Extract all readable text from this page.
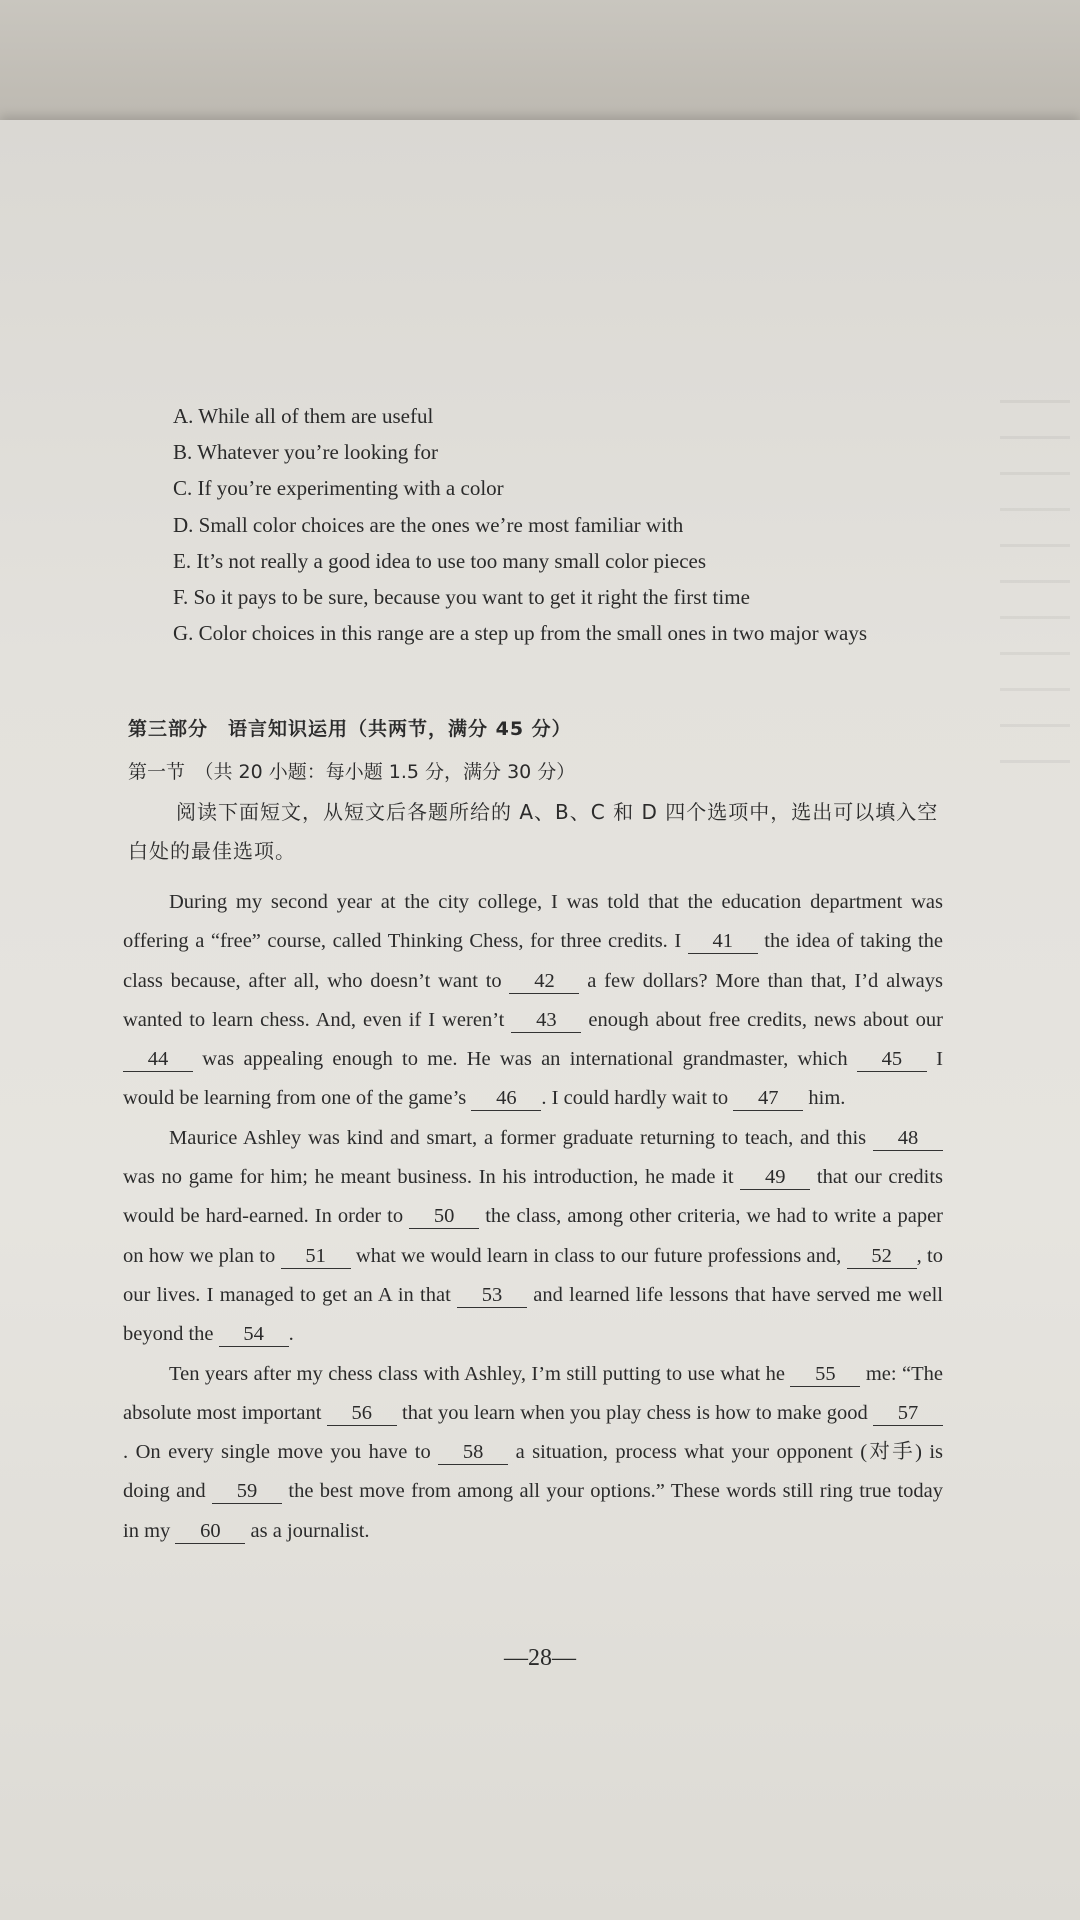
A. While all of them are useful
B. Whatever you’re looking for
C. If you’re experimenting with a color
D. Small color choices are the ones we’re most familiar with
E. It’s not really a good idea to use too many small color pieces
F. So it pays to be sure, because you want to get it right the first time
G. Color choices in this range are a step up from the small ones in two major ways
第三部分　语言知识运用（共两节，满分 45 分）
第一节　（共 20 小题：每小题 1.5 分，满分 30 分）
阅读下面短文，从短文后各题所给的 A、B、C 和 D 四个选项中，选出可以填入空白处的最佳选项。

During my second year at the city college, I was told that the education department was offering a “free” course, called Thinking Chess, for three credits. I 41 the idea of taking the class because, after all, who doesn’t want to 42 a few dollars? More than that, I’d always wanted to learn chess. And, even if I weren’t 43 enough about free credits, news about our 44 was appealing enough to me. He was an international grandmaster, which 45 I would be learning from one of the game’s 46 . I could hardly wait to 47 him.

Maurice Ashley was kind and smart, a former graduate returning to teach, and this 48 was no game for him; he meant business. In his introduction, he made it 49 that our credits would be hard-earned. In order to 50 the class, among other criteria, we had to write a paper on how we plan to 51 what we would learn in class to our future professions and, 52 , to our lives. I managed to get an A in that 53 and learned life lessons that have served me well beyond the 54 .

Ten years after my chess class with Ashley, I’m still putting to use what he 55 me: “The absolute most important 56 that you learn when you play chess is how to make good 57. On every single move you have to 58 a situation, process what your opponent (对手) is doing and 59 the best move from among all your options.” These words still ring true today in my 60 as a journalist.

—28—
